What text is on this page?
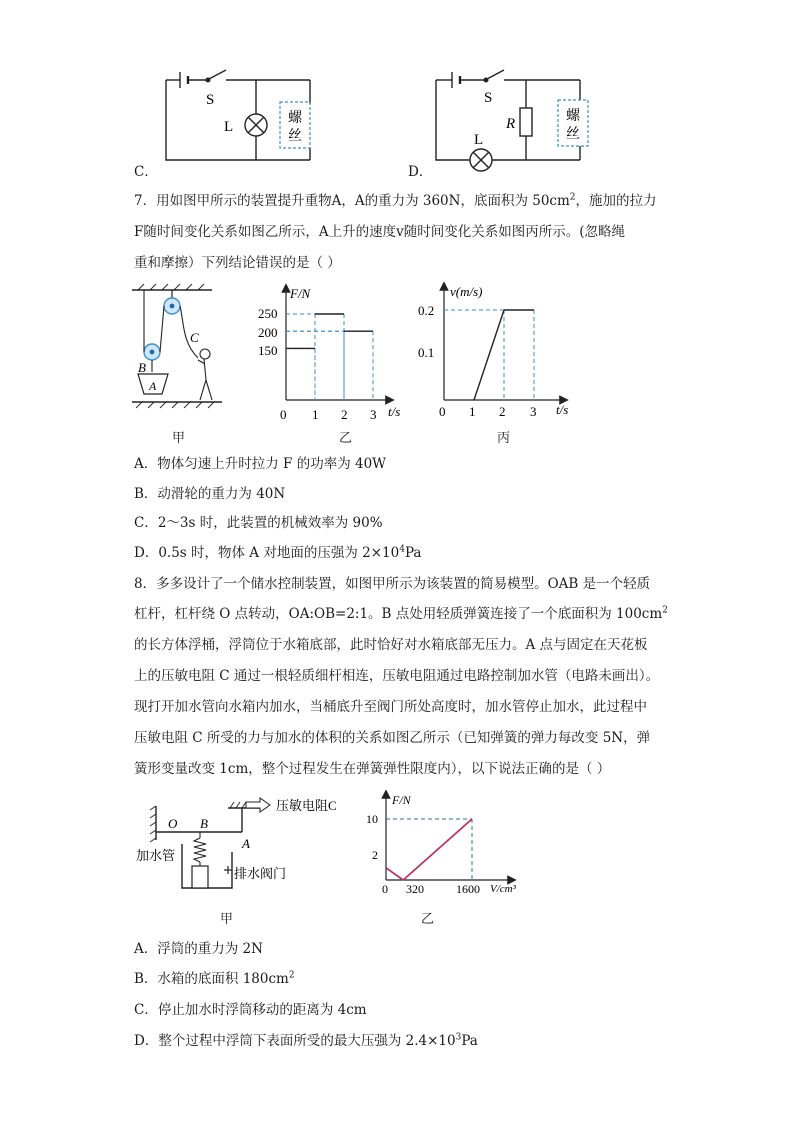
S
L
螺
丝
C．
S
R
L
螺
丝
D．
7．用如图甲所示的装置提升重物A，A的重力为 360N，底面积为 $50cm^2$，施加的拉力
F随时间变化关系如图乙所示，A上升的速度v随时间变化关系如图丙所示。(忽略绳
重和摩擦）下列结论错误的是（ ）
B
A
C
甲
F/N
t/s
0
250
200
150
1 2 3
乙
v(m/s)
t/s
0
0.2
0.1
1 2 3
丙
A．物体匀速上升时拉力 F 的功率为 40W
B．动滑轮的重力为 40N
C．2～3s 时，此装置的机械效率为 90%
D．0.5s 时，物体 A 对地面的压强为 $2\times 10^4Pa$
8．多多设计了一个储水控制装置，如图甲所示为该装置的简易模型。OAB 是一个轻质
杠杆，杠杆绕 O 点转动，OA:OB=2:1。B 点处用轻质弹簧连接了一个底面积为 $100cm^2$
的长方体浮桶，浮筒位于水箱底部，此时恰好对水箱底部无压力。A 点与固定在天花板
上的压敏电阻 C 通过一根轻质细杆相连，压敏电阻通过电路控制加水管（电路未画出）。
现打开加水管向水箱内加水，当桶底升至阀门所处高度时，加水管停止加水，此过程中
压敏电阻 C 所受的力与加水的体积的关系如图乙所示（已知弹簧的弹力每改变 5N，弹
簧形变量改变 1cm，整个过程发生在弹簧弹性限度内），以下说法正确的是（ ）
O B
A
压敏电阻C
加水管
排水阀门
甲
F/N
V/cm³
0
10
2
320	1600
乙
A．浮筒的重力为 2N
B．水箱的底面积 $180cm^2$
C．停止加水时浮筒移动的距离为 4cm
D．整个过程中浮筒下表面所受的最大压强为 $2.4\times 10^3Pa$
